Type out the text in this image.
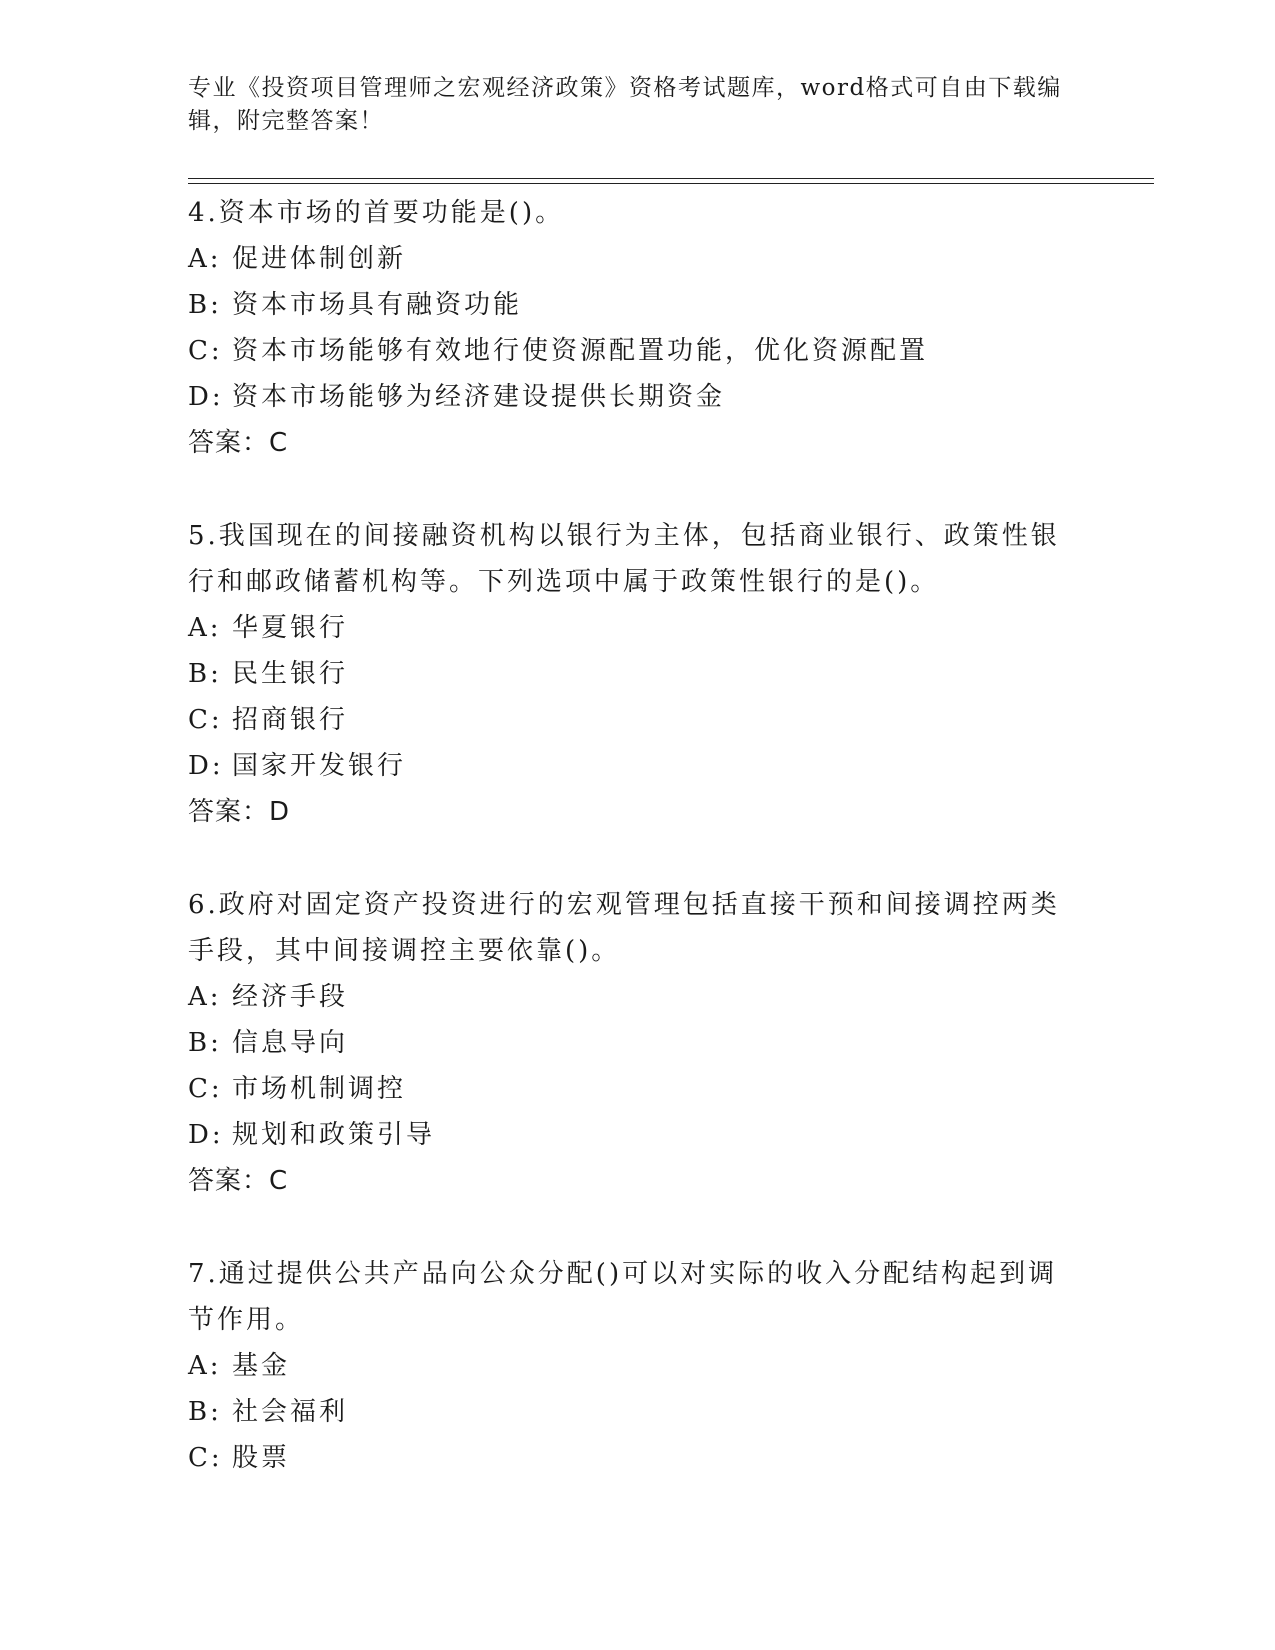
专业《投资项目管理师之宏观经济政策》资格考试题库，word格式可自由下载编
辑，附完整答案！
4.资本市场的首要功能是()。
A: 促进体制创新
B: 资本市场具有融资功能
C: 资本市场能够有效地行使资源配置功能，优化资源配置
D: 资本市场能够为经济建设提供长期资金
答案：C
5.我国现在的间接融资机构以银行为主体，包括商业银行、政策性银
行和邮政储蓄机构等。下列选项中属于政策性银行的是()。
A: 华夏银行
B: 民生银行
C: 招商银行
D: 国家开发银行
答案：D
6.政府对固定资产投资进行的宏观管理包括直接干预和间接调控两类
手段，其中间接调控主要依靠()。
A: 经济手段
B: 信息导向
C: 市场机制调控
D: 规划和政策引导
答案：C
7.通过提供公共产品向公众分配()可以对实际的收入分配结构起到调
节作用。
A: 基金
B: 社会福利
C: 股票
